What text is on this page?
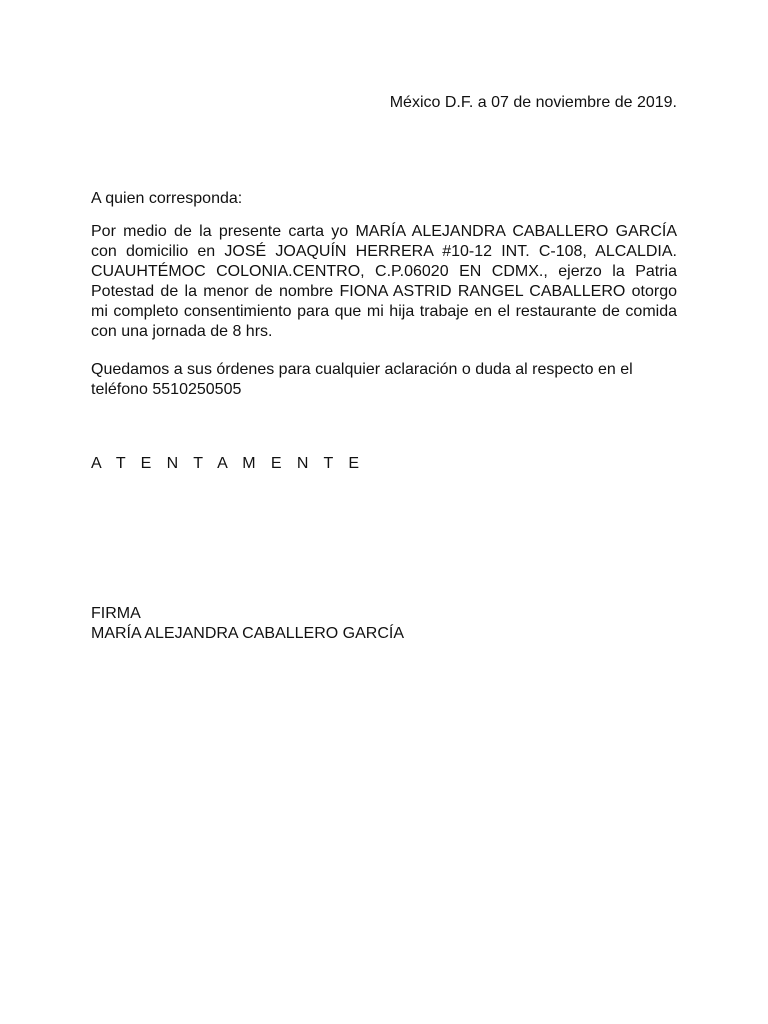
México D.F. a 07 de noviembre de 2019.
A quien corresponda:

Por medio de la presente carta yo MARÍA ALEJANDRA CABALLERO GARCÍA con domicilio en JOSÉ JOAQUÍN HERRERA #10-12 INT. C-108, ALCALDIA. CUAUHTÉMOC COLONIA.CENTRO, C.P.06020 EN CDMX., ejerzo la Patria Potestad de la menor de nombre FIONA ASTRID RANGEL CABALLERO otorgo mi completo consentimiento para que mi hija trabaje en el restaurante de comida con una jornada de 8 hrs.

Quedamos a sus órdenes para cualquier aclaración o duda al respecto en el teléfono 5510250505

A T E N T A M E N T E
FIRMA
MARÍA ALEJANDRA CABALLERO GARCÍA
